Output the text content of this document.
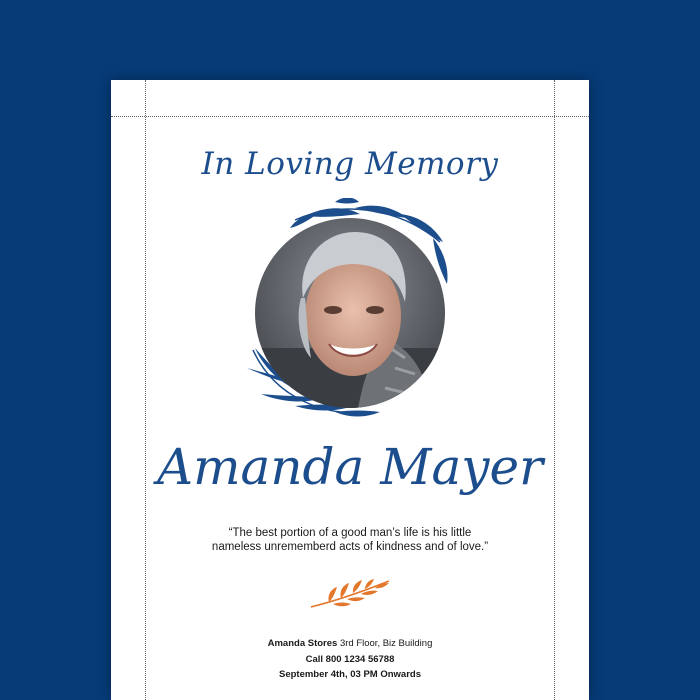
In Loving Memory
Amanda Mayer

“The best portion of a good man’s life is his little
nameless unrememberd acts of kindness and of love.”

Amanda Stores 3rd Floor, Biz Building
Call 800 1234 56788
September 4th, 03 PM Onwards
